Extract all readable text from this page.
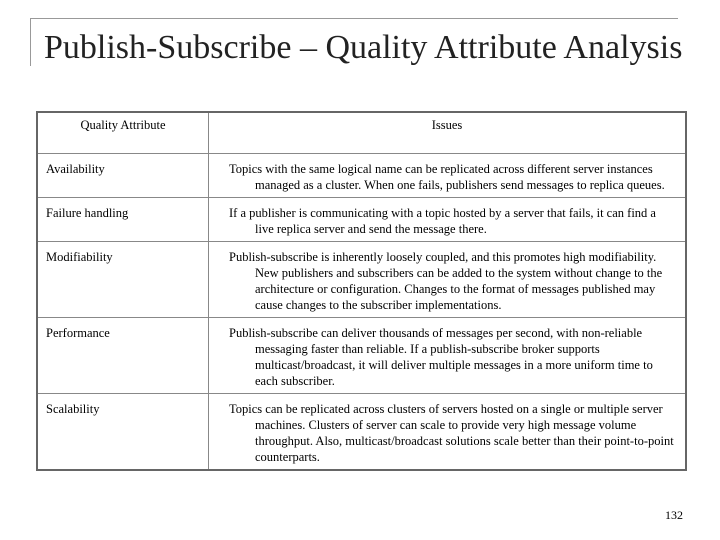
Publish-Subscribe – Quality Attribute Analysis
Quality Attribute	Issues
Availability	Topics with the same logical name can be replicated across different server instances managed as a cluster. When one fails, publishers send messages to replica queues.

Failure handling	If a publisher is communicating with a topic hosted by a server that fails, it can find a live replica server and send the message there.

Modifiability	Publish-subscribe is inherently loosely coupled, and this promotes high modifiability. New publishers and subscribers can be added to the system without change to the architecture or configuration. Changes to the format of messages published may cause changes to the subscriber implementations.

Performance	Publish-subscribe can deliver thousands of messages per second, with non-reliable messaging faster than reliable. If a publish-subscribe broker supports multicast/broadcast, it will deliver multiple messages in a more uniform time to each subscriber.

Scalability	Topics can be replicated across clusters of servers hosted on a single or multiple server machines. Clusters of server can scale to provide very high message volume throughput. Also, multicast/broadcast solutions scale better than their point-to-point counterparts.
132
